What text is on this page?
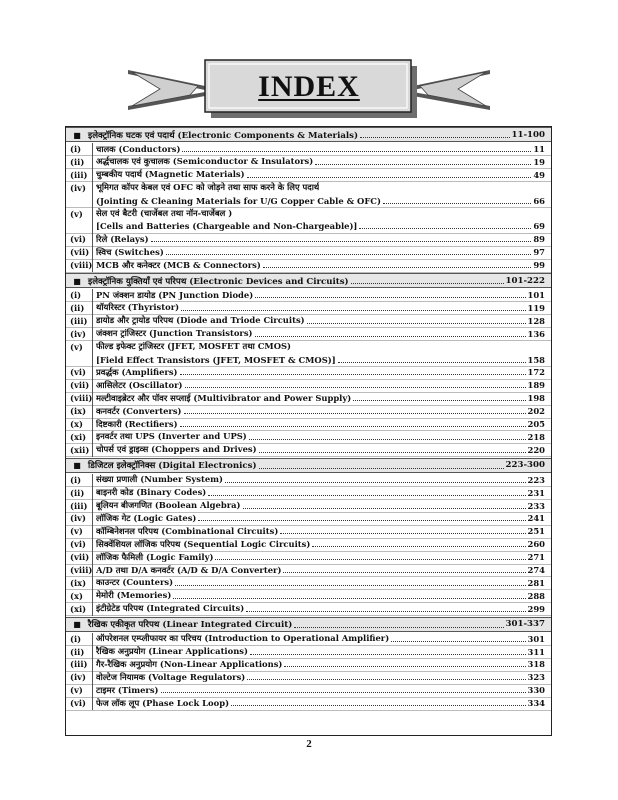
INDEX
■ इलेक्ट्रॉनिक घटक एवं पदार्थ (Electronic Components & Materials)	11-100
(i)	चालक (Conductors)	11
(ii)	अर्द्धचालक एवं कुचालक (Semiconductor & Insulators)	19
(iii)	चुम्बकीय पदार्थ (Magnetic Materials)	49
(iv)	भूमिगत कॉपर केबल एवं OFC को जोड़ने तथा साफ करने के लिए पदार्थ
(Jointing & Cleaning Materials for U/G Copper Cable & OFC)	66
(v)	सेल एवं बैटरी (चार्जेबल तथा नॉन-चार्जेबल )
[Cells and Batteries (Chargeable and Non-Chargeable)]	69
(vi)	रिले (Relays)	89
(vii) स्विच (Switches)	97
(viii) MCB और कनेक्टर (MCB & Connectors)	99
■ इलेक्ट्रॉनिक युक्तियाँ एवं परिपथ (Electronic Devices and Circuits)	101-222
(i)	PN जंक्शन डायोड (PN Junction Diode)	101
(ii)	थॉयरिस्टर (Thyristor)	119
(iii)	डायोड और ट्रायोड परिपथ (Diode and Triode Circuits)	128
(iv)	जंक्शन ट्रांजिस्टर (Junction Transistors)	136
(v)	फील्ड इफेक्ट ट्रांजिस्टर (JFET, MOSFET तथा CMOS)
[Field Effect Transistors (JFET, MOSFET & CMOS)]	158
(vi)	प्रवर्द्धक (Amplifiers)	172
(vii) आसिलेटर (Oscillator)	189
(viii) मल्टीवाइब्रेटर और पॉवर सप्लाई (Multivibrator and Power Supply)	198
(ix)	कनवर्टर (Converters)	202
(x)	दिष्टकारी (Rectifiers)	205
(xi)	इनवर्टर तथा UPS (Inverter and UPS)	218
(xii) चोपर्स एवं ड्राइव्स (Choppers and Drives)	220
■ डिजिटल इलेक्ट्रॉनिक्स (Digital Electronics)	223-300
(i)	संख्या प्रणाली (Number System)	223
(ii)	बाइनरी कोड (Binary Codes)	231
(iii)	बूलियन बीजगणित (Boolean Algebra)	233
(iv)	लॉजिक गेट (Logic Gates)	241
(v)	कॉम्बिनेशनल परिपथ (Combinational Circuits)	251
(vi)	सिक्वेंशियल लॉजिक परिपथ (Sequential Logic Circuits)	260
(vii) लॉजिक फैमिली (Logic Family)	271
(viii) A/D तथा D/A कनवर्टर (A/D & D/A Converter)	274
(ix)	काउन्टर (Counters)	281
(x)	मेमोरी (Memories)	288
(xi)	इंटीग्रेटेड परिपथ (Integrated Circuits)	299
■ रैखिक एकीकृत परिपथ (Linear Integrated Circuit)	301-337
(i)	ऑपरेशनल एम्प्लीफायर का परिचय (Introduction to Operational Amplifier)	301
(ii)	रैखिक अनुप्रयोग (Linear Applications)	311
(iii)	गैर-रैखिक अनुप्रयोग (Non-Linear Applications)	318
(iv)	वोल्टेज नियामक (Voltage Regulators)	323
(v)	टाइमर (Timers)	330
(vi)	फेज लॉक लूप (Phase Lock Loop)	334
2
